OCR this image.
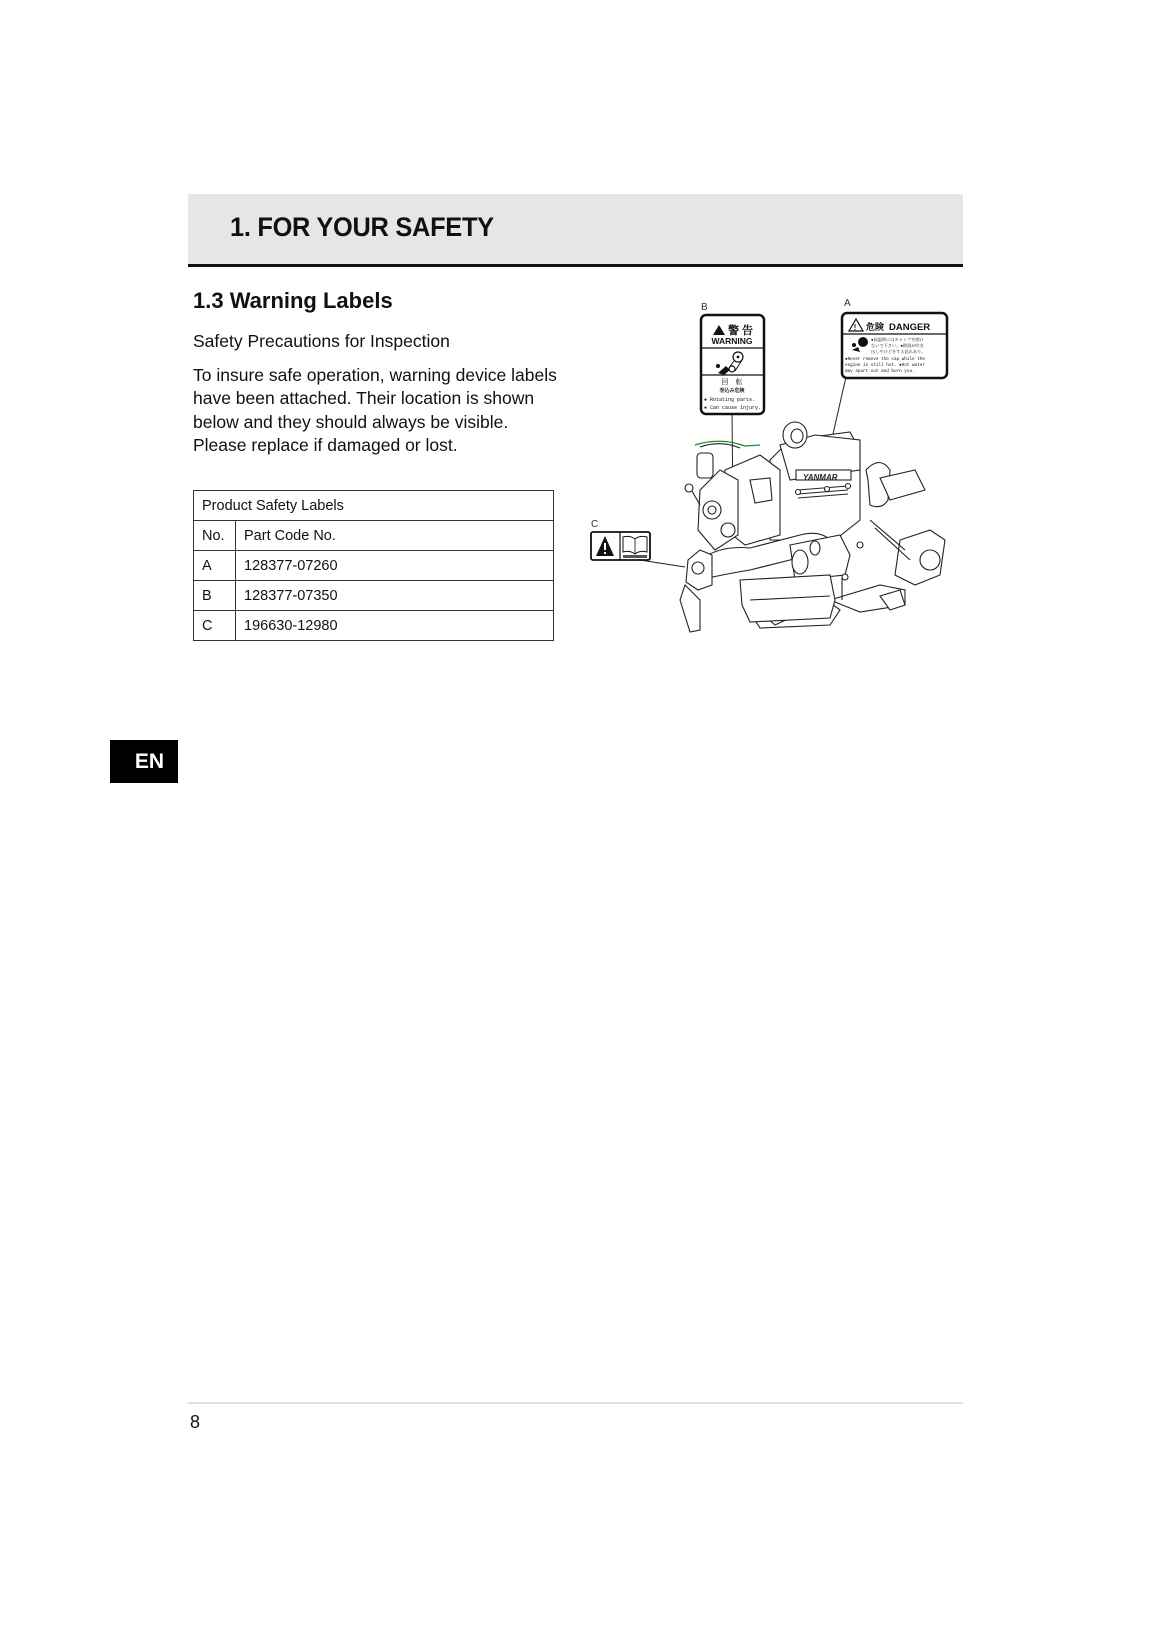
1. FOR YOUR SAFETY
1.3 Warning Labels
Safety Precautions for Inspection
To insure safe operation, warning device labels have been attached. Their location is shown below and they should always be visible. Please replace if damaged or lost.
Product Safety Labels	
No.	Part Code No.
A	128377-07260
B	128377-07350
C	196630-12980
B	A
C
警 告
WARNING
回　転
巻込み危険
● Rotating parts.
● Can cause injury.
! 危険 DANGER
●高温時にはキャップを開け
ないで下さい。●熱湯が吹き
出しやけどをする恐れあり。
●Never remove the cap while the
engine is still hot. ●Hot water
may spurt out and burn you.
YANMAR
EN
8
